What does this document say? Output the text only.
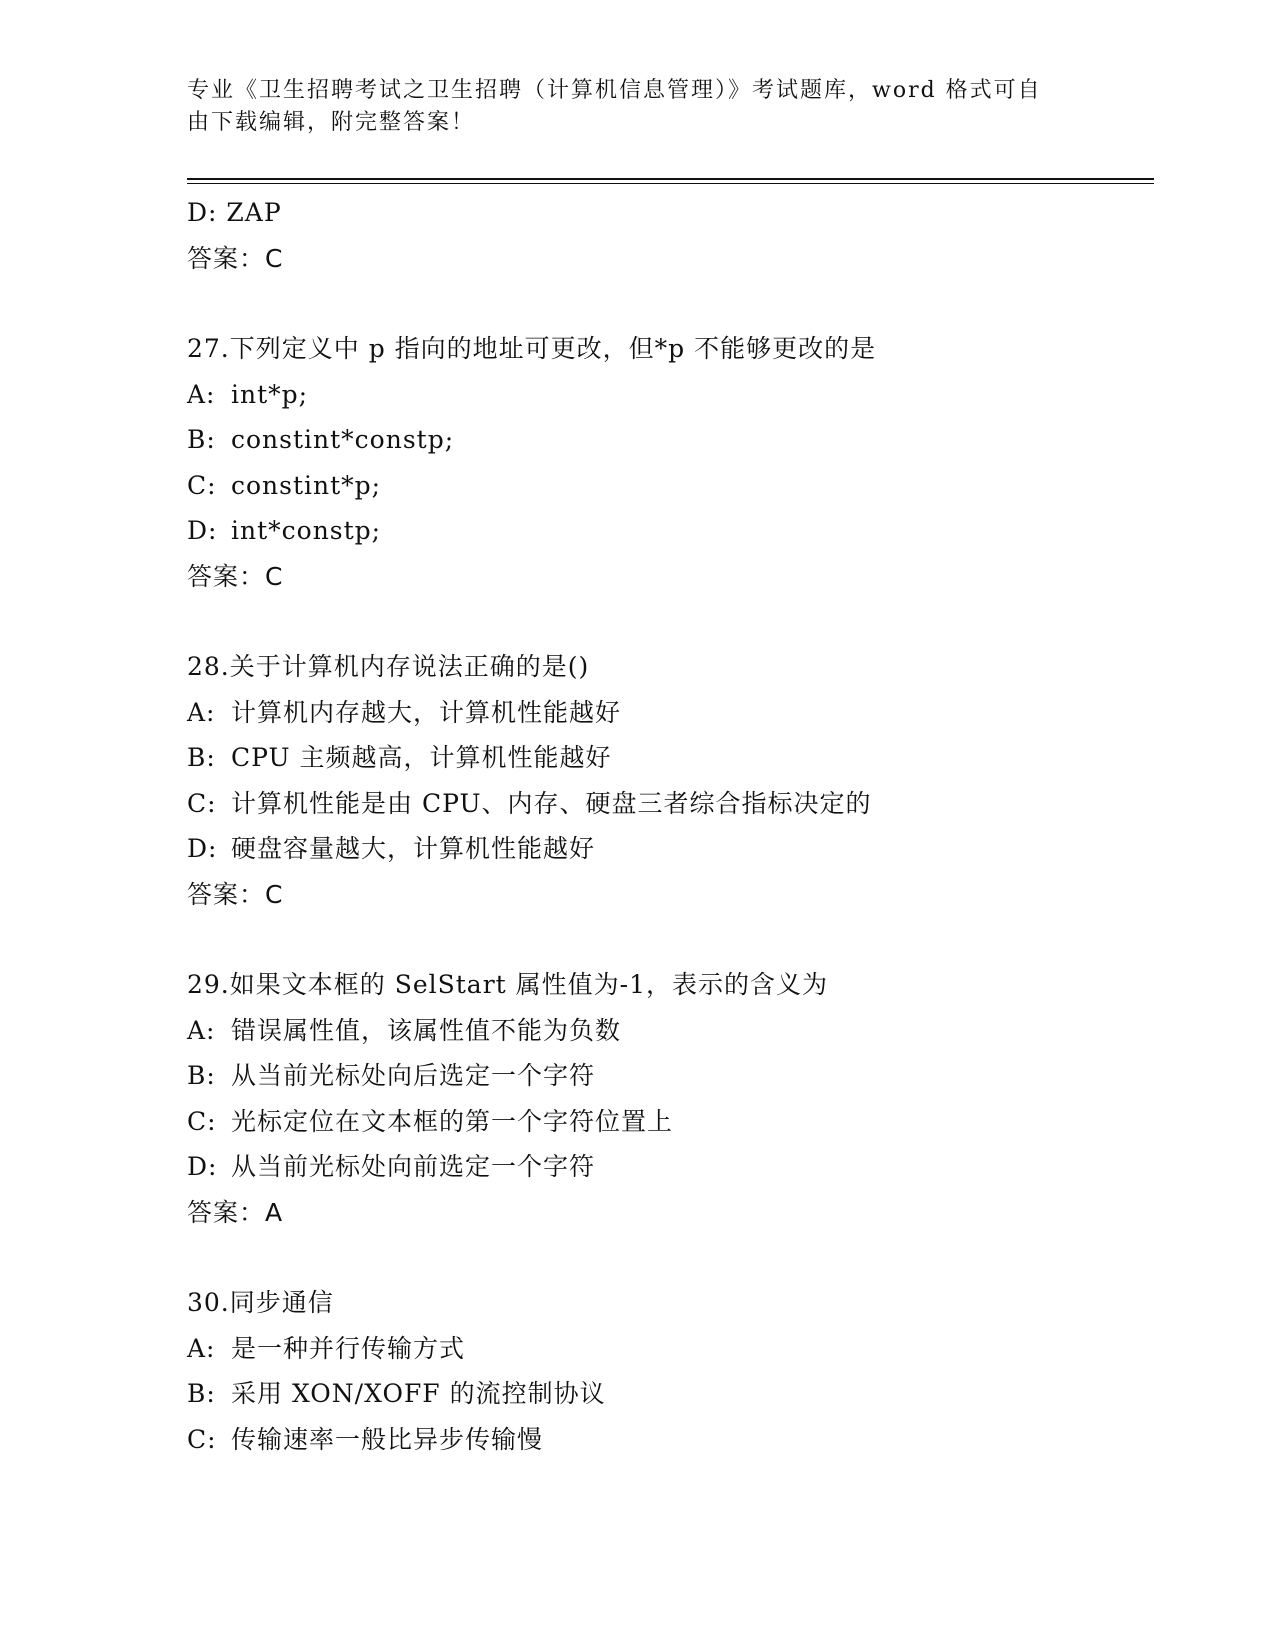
专业《卫生招聘考试之卫生招聘（计算机信息管理）》考试题库，word 格式可自
由下载编辑，附完整答案！
D: ZAP
答案：C
27.下列定义中 p 指向的地址可更改，但*p 不能够更改的是
A: int*p;
B: constint*constp;
C: constint*p;
D: int*constp;
答案：C
28.关于计算机内存说法正确的是()
A: 计算机内存越大，计算机性能越好
B: CPU 主频越高，计算机性能越好
C: 计算机性能是由 CPU、内存、硬盘三者综合指标决定的
D: 硬盘容量越大，计算机性能越好
答案：C
29.如果文本框的 SelStart 属性值为-1，表示的含义为
A: 错误属性值，该属性值不能为负数
B: 从当前光标处向后选定一个字符
C: 光标定位在文本框的第一个字符位置上
D: 从当前光标处向前选定一个字符
答案：A
30.同步通信
A: 是一种并行传输方式
B: 采用 XON/XOFF 的流控制协议
C: 传输速率一般比异步传输慢
